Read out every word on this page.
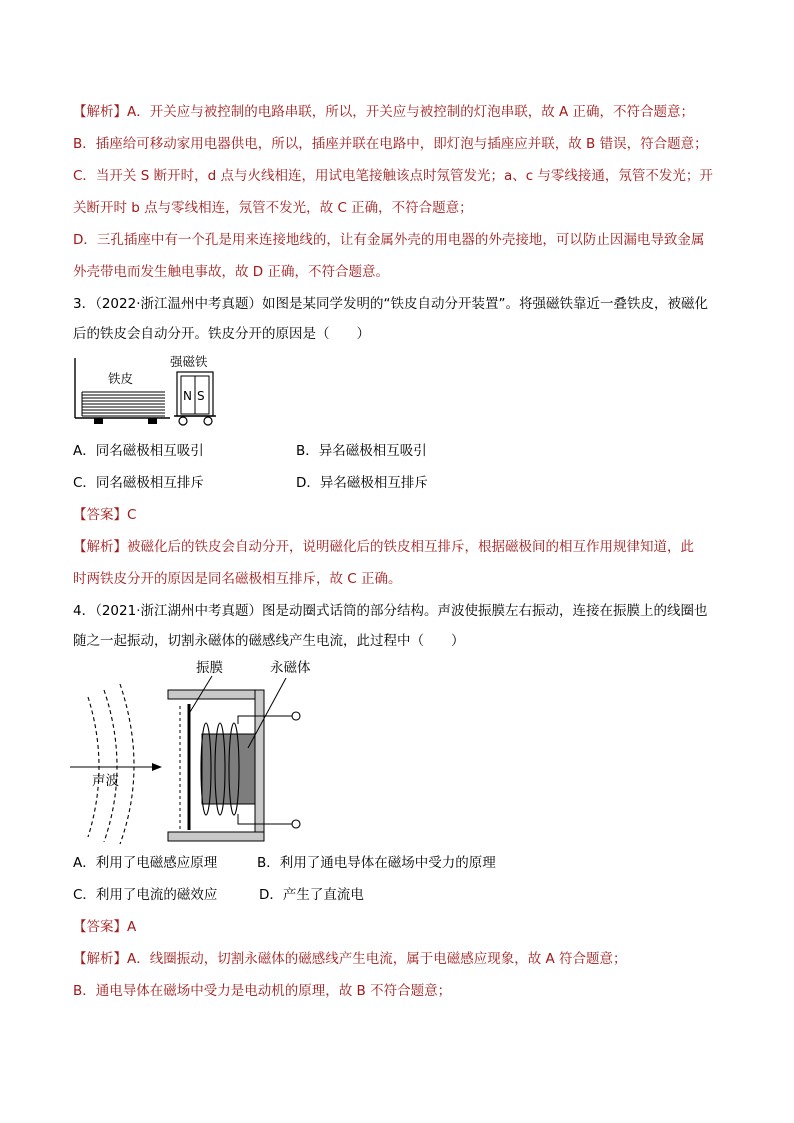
【解析】A．开关应与被控制的电路串联，所以，开关应与被控制的灯泡串联，故 A 正确，不符合题意；
B．插座给可移动家用电器供电，所以，插座并联在电路中，即灯泡与插座应并联，故 B 错误，符合题意；
C．当开关 S 断开时，d 点与火线相连，用试电笔接触该点时氖管发光；a、c 与零线接通，氖管不发光；开
关断开时 b 点与零线相连，氖管不发光，故 C 正确，不符合题意；
D．三孔插座中有一个孔是用来连接地线的，让有金属外壳的用电器的外壳接地，可以防止因漏电导致金属
外壳带电而发生触电事故，故 D 正确，不符合题意。
3．（2022·浙江温州中考真题）如图是某同学发明的“铁皮自动分开装置”。将强磁铁靠近一叠铁皮，被磁化
后的铁皮会自动分开。铁皮分开的原因是（　　）
铁皮
N S
强磁铁
A．同名磁极相互吸引	B．异名磁极相互吸引
C．同名磁极相互排斥	D．异名磁极相互排斥
【答案】C
【解析】被磁化后的铁皮会自动分开，说明磁化后的铁皮相互排斥，根据磁极间的相互作用规律知道，此
时两铁皮分开的原因是同名磁极相互排斥，故 C 正确。
4．（2021·浙江湖州中考真题）图是动圈式话筒的部分结构。声波使振膜左右振动，连接在振膜上的线圈也
随之一起振动，切割永磁体的磁感线产生电流，此过程中（　　）
声波
振膜	永磁体
A．利用了电磁感应原理	B．利用了通电导体在磁场中受力的原理
C．利用了电流的磁效应	D．产生了直流电
【答案】A
【解析】A．线圈振动，切割永磁体的磁感线产生电流，属于电磁感应现象，故 A 符合题意；
B．通电导体在磁场中受力是电动机的原理，故 B 不符合题意；
